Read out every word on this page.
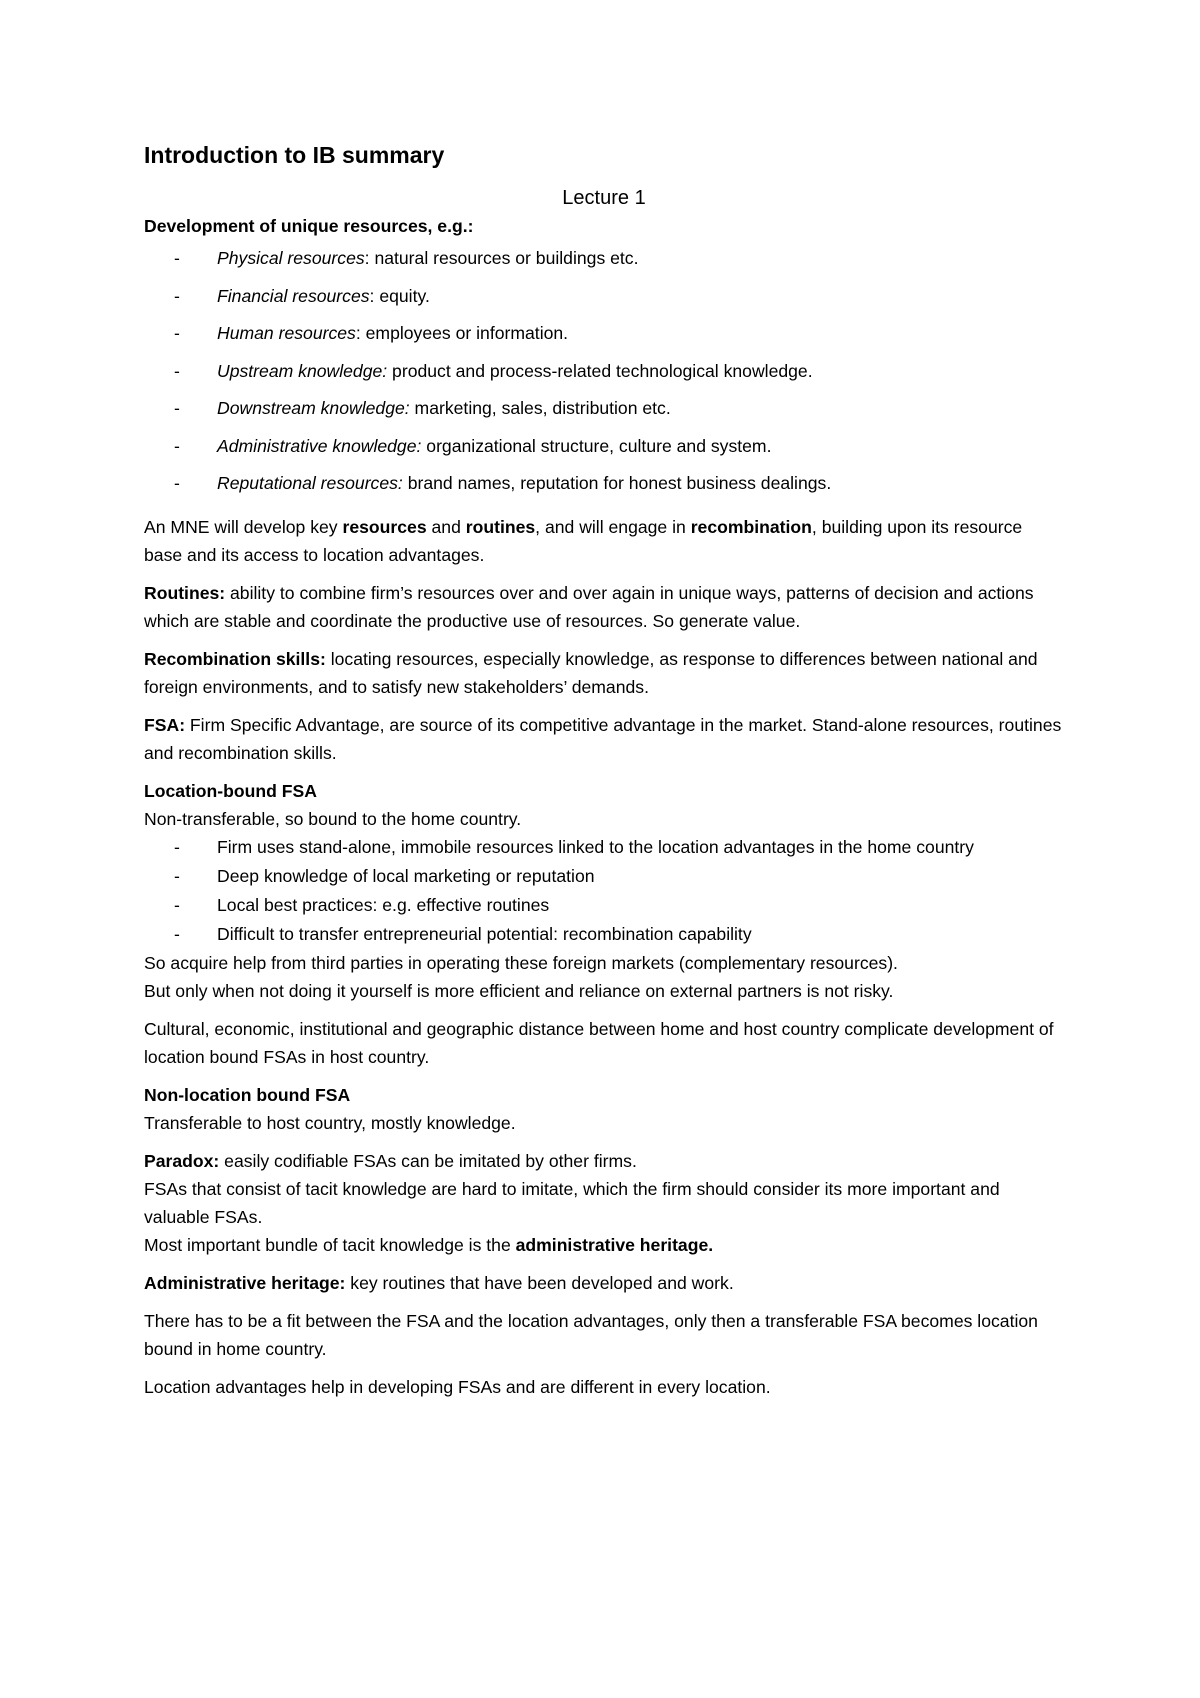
Introduction to IB summary
Lecture 1

Development of unique resources, e.g.:

- Physical resources: natural resources or buildings etc.
- Financial resources: equity.
- Human resources: employees or information.
- Upstream knowledge: product and process-related technological knowledge.
- Downstream knowledge: marketing, sales, distribution etc.
- Administrative knowledge: organizational structure, culture and system.
- Reputational resources: brand names, reputation for honest business dealings.

An MNE will develop key resources and routines, and will engage in recombination, building upon its resource base and its access to location advantages.

Routines: ability to combine firm’s resources over and over again in unique ways, patterns of decision and actions which are stable and coordinate the productive use of resources. So generate value.

Recombination skills: locating resources, especially knowledge, as response to differences between national and foreign environments, and to satisfy new stakeholders’ demands.

FSA: Firm Specific Advantage, are source of its competitive advantage in the market. Stand-alone resources, routines and recombination skills.

Location-bound FSA

Non-transferable, so bound to the home country.

- Firm uses stand-alone, immobile resources linked to the location advantages in the home country
- Deep knowledge of local marketing or reputation
- Local best practices: e.g. effective routines
- Difficult to transfer entrepreneurial potential: recombination capability

So acquire help from third parties in operating these foreign markets (complementary resources).

But only when not doing it yourself is more efficient and reliance on external partners is not risky.

Cultural, economic, institutional and geographic distance between home and host country complicate development of location bound FSAs in host country.

Non-location bound FSA

Transferable to host country, mostly knowledge.

Paradox: easily codifiable FSAs can be imitated by other firms.

FSAs that consist of tacit knowledge are hard to imitate, which the firm should consider its more important and valuable FSAs.

Most important bundle of tacit knowledge is the administrative heritage.

Administrative heritage: key routines that have been developed and work.

There has to be a fit between the FSA and the location advantages, only then a transferable FSA becomes location bound in home country.

Location advantages help in developing FSAs and are different in every location.
